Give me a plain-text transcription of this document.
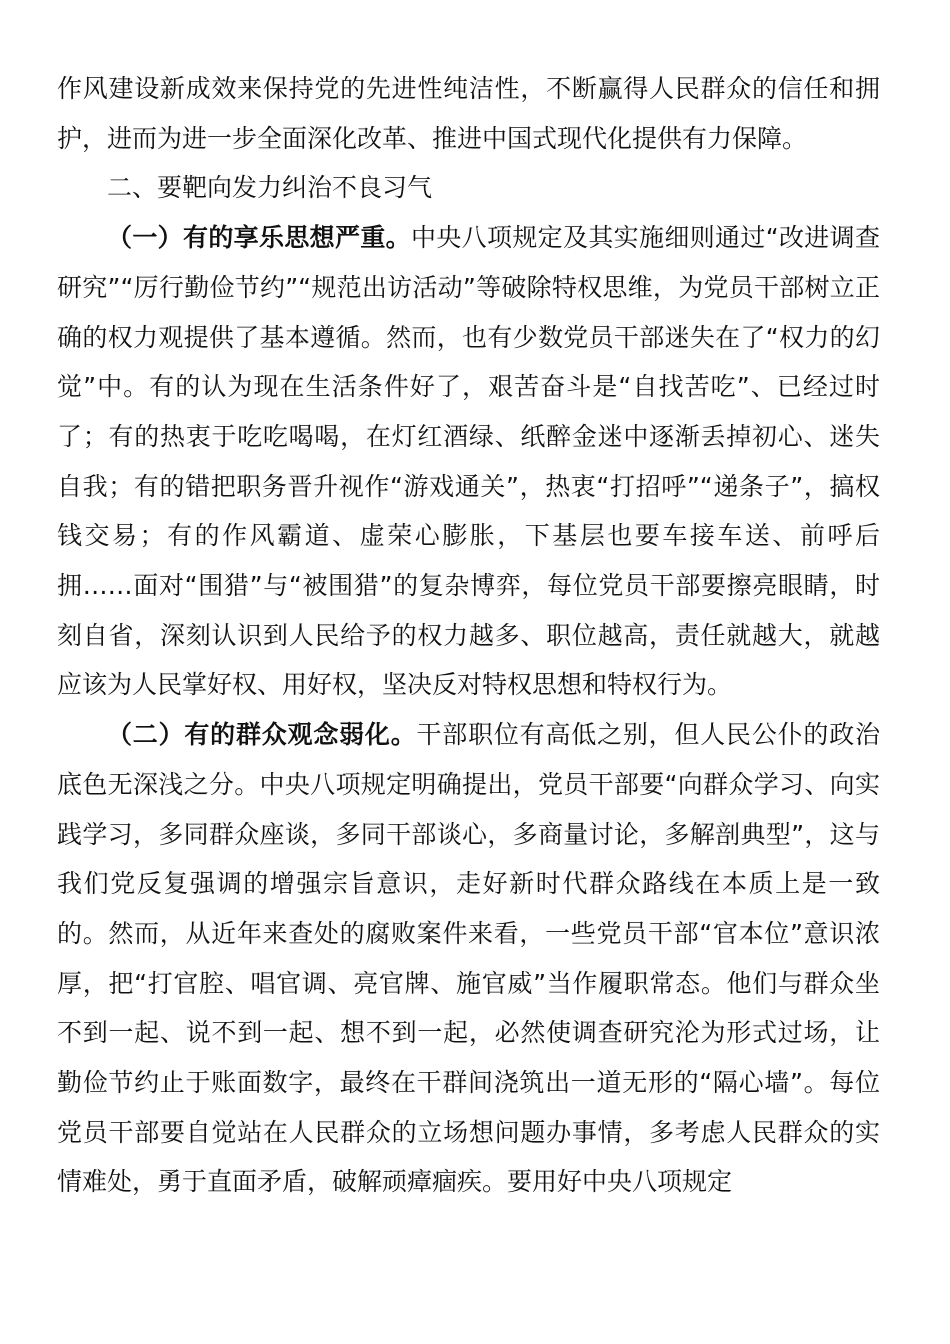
作风建设新成效来保持党的先进性纯洁性，不断赢得人民群众的信任和拥护，进而为进一步全面深化改革、推进中国式现代化提供有力保障。

二、要靶向发力纠治不良习气

（一）有的享乐思想严重。中央八项规定及其实施细则通过“改进调查研究”“厉行勤俭节约”“规范出访活动”等破除特权思维，为党员干部树立正确的权力观提供了基本遵循。然而，也有少数党员干部迷失在了“权力的幻觉”中。有的认为现在生活条件好了，艰苦奋斗是“自找苦吃”、已经过时了；有的热衷于吃吃喝喝，在灯红酒绿、纸醉金迷中逐渐丢掉初心、迷失自我；有的错把职务晋升视作“游戏通关”，热衷“打招呼”“递条子”，搞权钱交易；有的作风霸道、虚荣心膨胀，下基层也要车接车送、前呼后拥……面对“围猎”与“被围猎”的复杂博弈，每位党员干部要擦亮眼睛，时刻自省，深刻认识到人民给予的权力越多、职位越高，责任就越大，就越应该为人民掌好权、用好权，坚决反对特权思想和特权行为。

（二）有的群众观念弱化。干部职位有高低之别，但人民公仆的政治底色无深浅之分。中央八项规定明确提出，党员干部要“向群众学习、向实践学习，多同群众座谈，多同干部谈心，多商量讨论，多解剖典型”，这与我们党反复强调的增强宗旨意识，走好新时代群众路线在本质上是一致的。然而，从近年来查处的腐败案件来看，一些党员干部“官本位”意识浓厚，把“打官腔、唱官调、亮官牌、施官威”当作履职常态。他们与群众坐不到一起、说不到一起、想不到一起，必然使调查研究沦为形式过场，让勤俭节约止于账面数字，最终在干群间浇筑出一道无形的“隔心墙”。每位党员干部要自觉站在人民群众的立场想问题办事情，多考虑人民群众的实情难处，勇于直面矛盾，破解顽瘴痼疾。要用好中央八项规定
